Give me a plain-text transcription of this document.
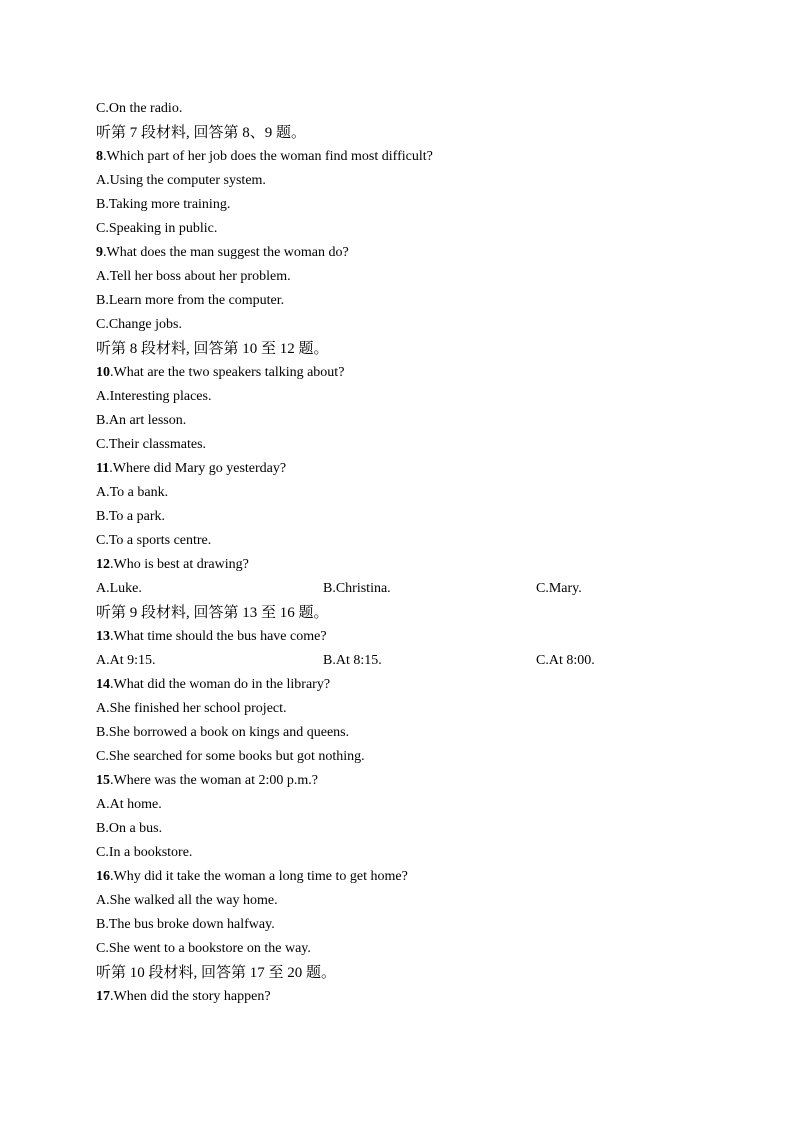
C.On the radio.
听第 7 段材料, 回答第 8、9 题。
8.Which part of her job does the woman find most difficult?
A.Using the computer system.
B.Taking more training.
C.Speaking in public.
9.What does the man suggest the woman do?
A.Tell her boss about her problem.
B.Learn more from the computer.
C.Change jobs.
听第 8 段材料, 回答第 10 至 12 题。
10.What are the two speakers talking about?
A.Interesting places.
B.An art lesson.
C.Their classmates.
11.Where did Mary go yesterday?
A.To a bank.
B.To a park.
C.To a sports centre.
12.Who is best at drawing?
A.Luke.	B.Christina.	C.Mary.
听第 9 段材料, 回答第 13 至 16 题。
13.What time should the bus have come?
A.At 9:15.	B.At 8:15.	C.At 8:00.
14.What did the woman do in the library?
A.She finished her school project.
B.She borrowed a book on kings and queens.
C.She searched for some books but got nothing.
15.Where was the woman at 2:00 p.m.?
A.At home.
B.On a bus.
C.In a bookstore.
16.Why did it take the woman a long time to get home?
A.She walked all the way home.
B.The bus broke down halfway.
C.She went to a bookstore on the way.
听第 10 段材料, 回答第 17 至 20 题。
17.When did the story happen?
